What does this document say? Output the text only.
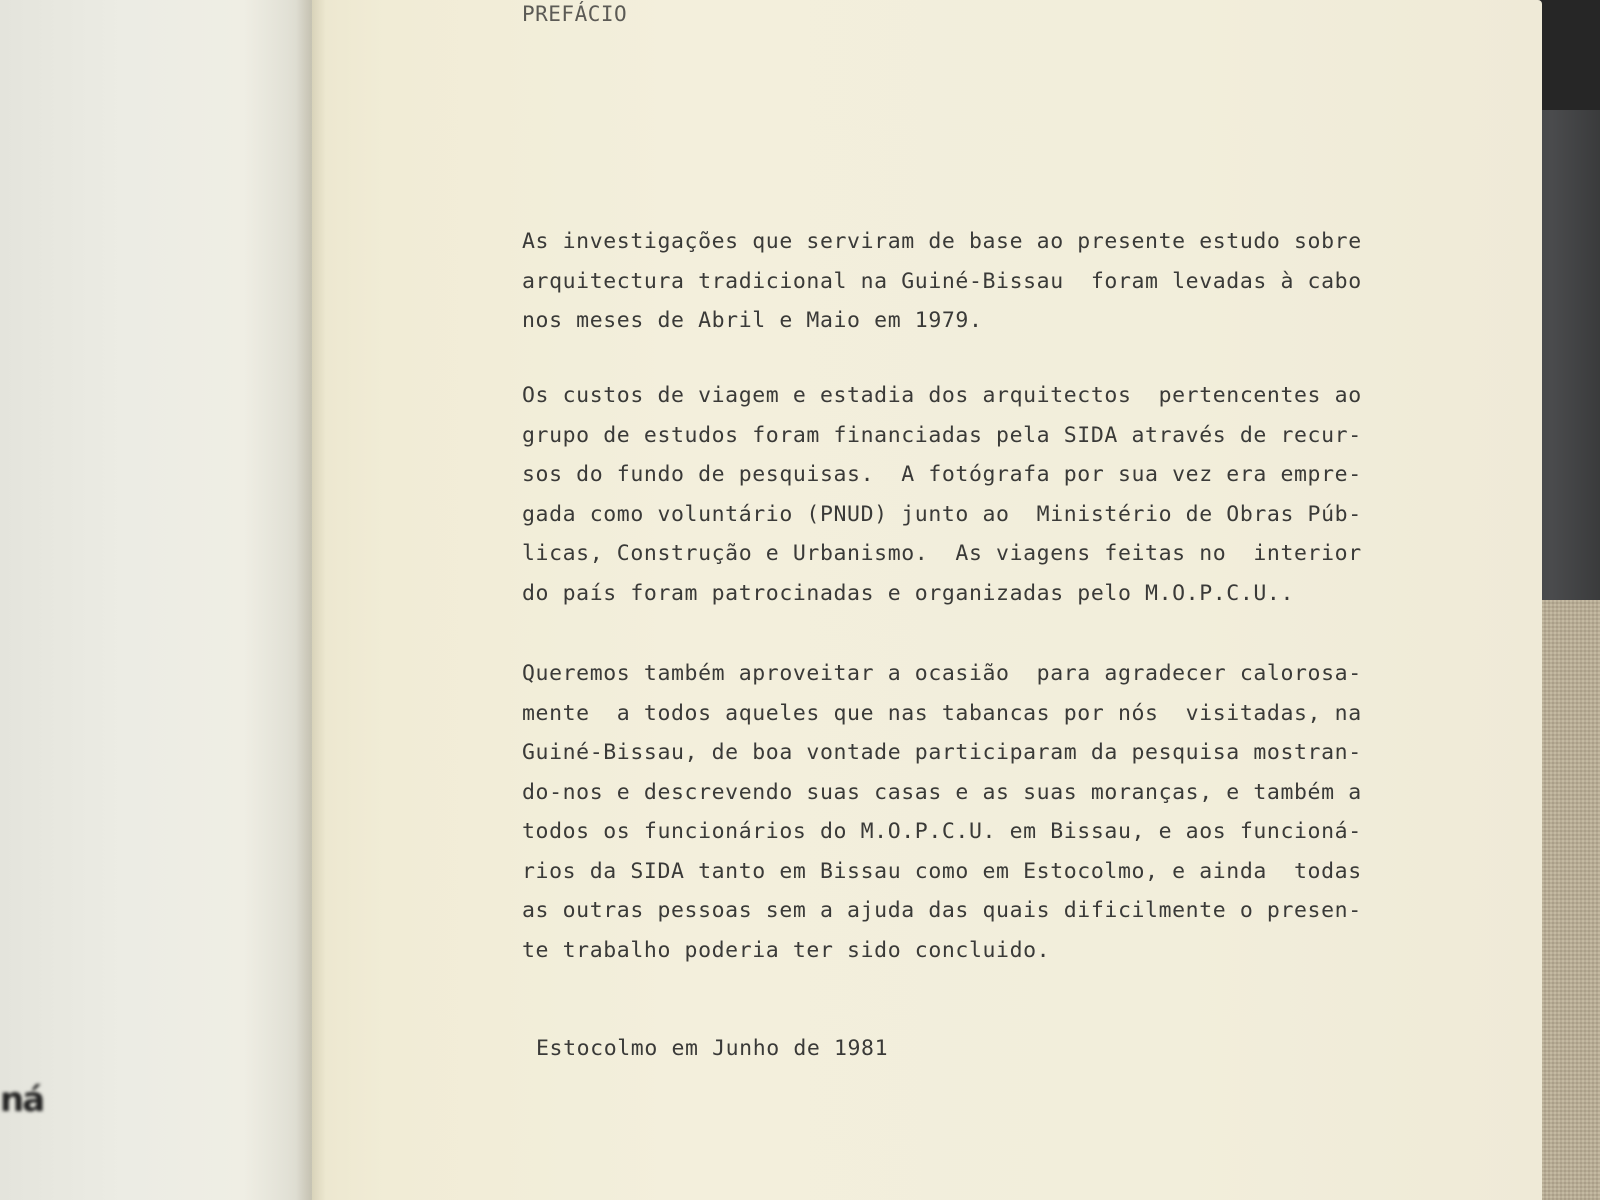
ná
PREFÁCIO
As investigações que serviram de base ao presente estudo sobre
arquitectura tradicional na Guiné-Bissau  foram levadas à cabo
nos meses de Abril e Maio em 1979.
Os custos de viagem e estadia dos arquitectos  pertencentes ao
grupo de estudos foram financiadas pela SIDA através de recur-
sos do fundo de pesquisas.  A fotógrafa por sua vez era empre-
gada como voluntário (PNUD) junto ao  Ministério de Obras Púb-
licas, Construção e Urbanismo.  As viagens feitas no  interior
do país foram patrocinadas e organizadas pelo M.O.P.C.U..
Queremos também aproveitar a ocasião  para agradecer calorosa-
mente  a todos aqueles que nas tabancas por nós  visitadas, na
Guiné-Bissau, de boa vontade participaram da pesquisa mostran-
do-nos e descrevendo suas casas e as suas moranças, e também a
todos os funcionários do M.O.P.C.U. em Bissau, e aos funcioná-
rios da SIDA tanto em Bissau como em Estocolmo, e ainda  todas
as outras pessoas sem a ajuda das quais dificilmente o presen-
te trabalho poderia ter sido concluido.
Estocolmo em Junho de 1981
